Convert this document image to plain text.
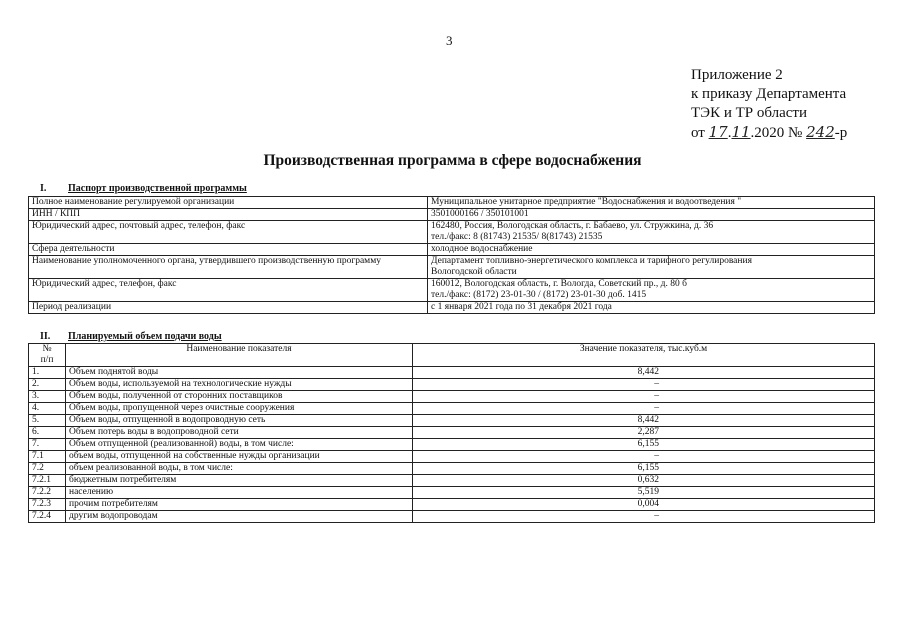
3
Приложение 2
к приказу Департамента
ТЭК и ТР области
от 17.11.2020 № 242-р
Производственная программа в сфере водоснабжения
I. Паспорт производственной программы
Полное наименование регулируемой организации	Муниципальное унитарное предприятие "Водоснабжения и водоотведения "
ИНН / КПП	3501000166 / 350101001
Юридический адрес, почтовый адрес, телефон, факс	162480, Россия, Вологодская область, г. Бабаево, ул. Стружкина, д. 36
тел./факс: 8 (81743) 21535/ 8(81743) 21535

Сфера деятельности	холодное водоснабжение
Наименование уполномоченного органа, утвердившего производственную программу	Департамент топливно-энергетического комплекса и тарифного регулирования
Вологодской области

Юридический адрес, телефон, факс	160012, Вологодская область, г. Вологда, Советский пр., д. 80 б
тел./факс: (8172) 23-01-30 / (8172) 23-01-30 доб. 1415

Период реализации	с 1 января 2021 года по 31 декабря 2021 года
II. Планируемый объем подачи воды
№
п/п	Наименование показателя	Значение показателя, тыс.куб.м
1.	Объем поднятой воды	8,442
2.	Объем воды, используемой на технологические нужды	–
3.	Объем воды, полученной от сторонних поставщиков	–
4.	Объем воды, пропущенной через очистные сооружения	–
5.	Объем воды, отпущенной в водопроводную сеть	8,442
6.	Объем потерь воды в водопроводной сети	2,287
7.	Объем отпущенной (реализованной) воды, в том числе:	6,155
7.1	объем воды, отпущенной на собственные нужды организации	–
7.2	объем реализованной воды, в том числе:	6,155
7.2.1	бюджетным потребителям	0,632
7.2.2	населению	5,519
7.2.3	прочим потребителям	0,004
7.2.4	другим водопроводам	–
